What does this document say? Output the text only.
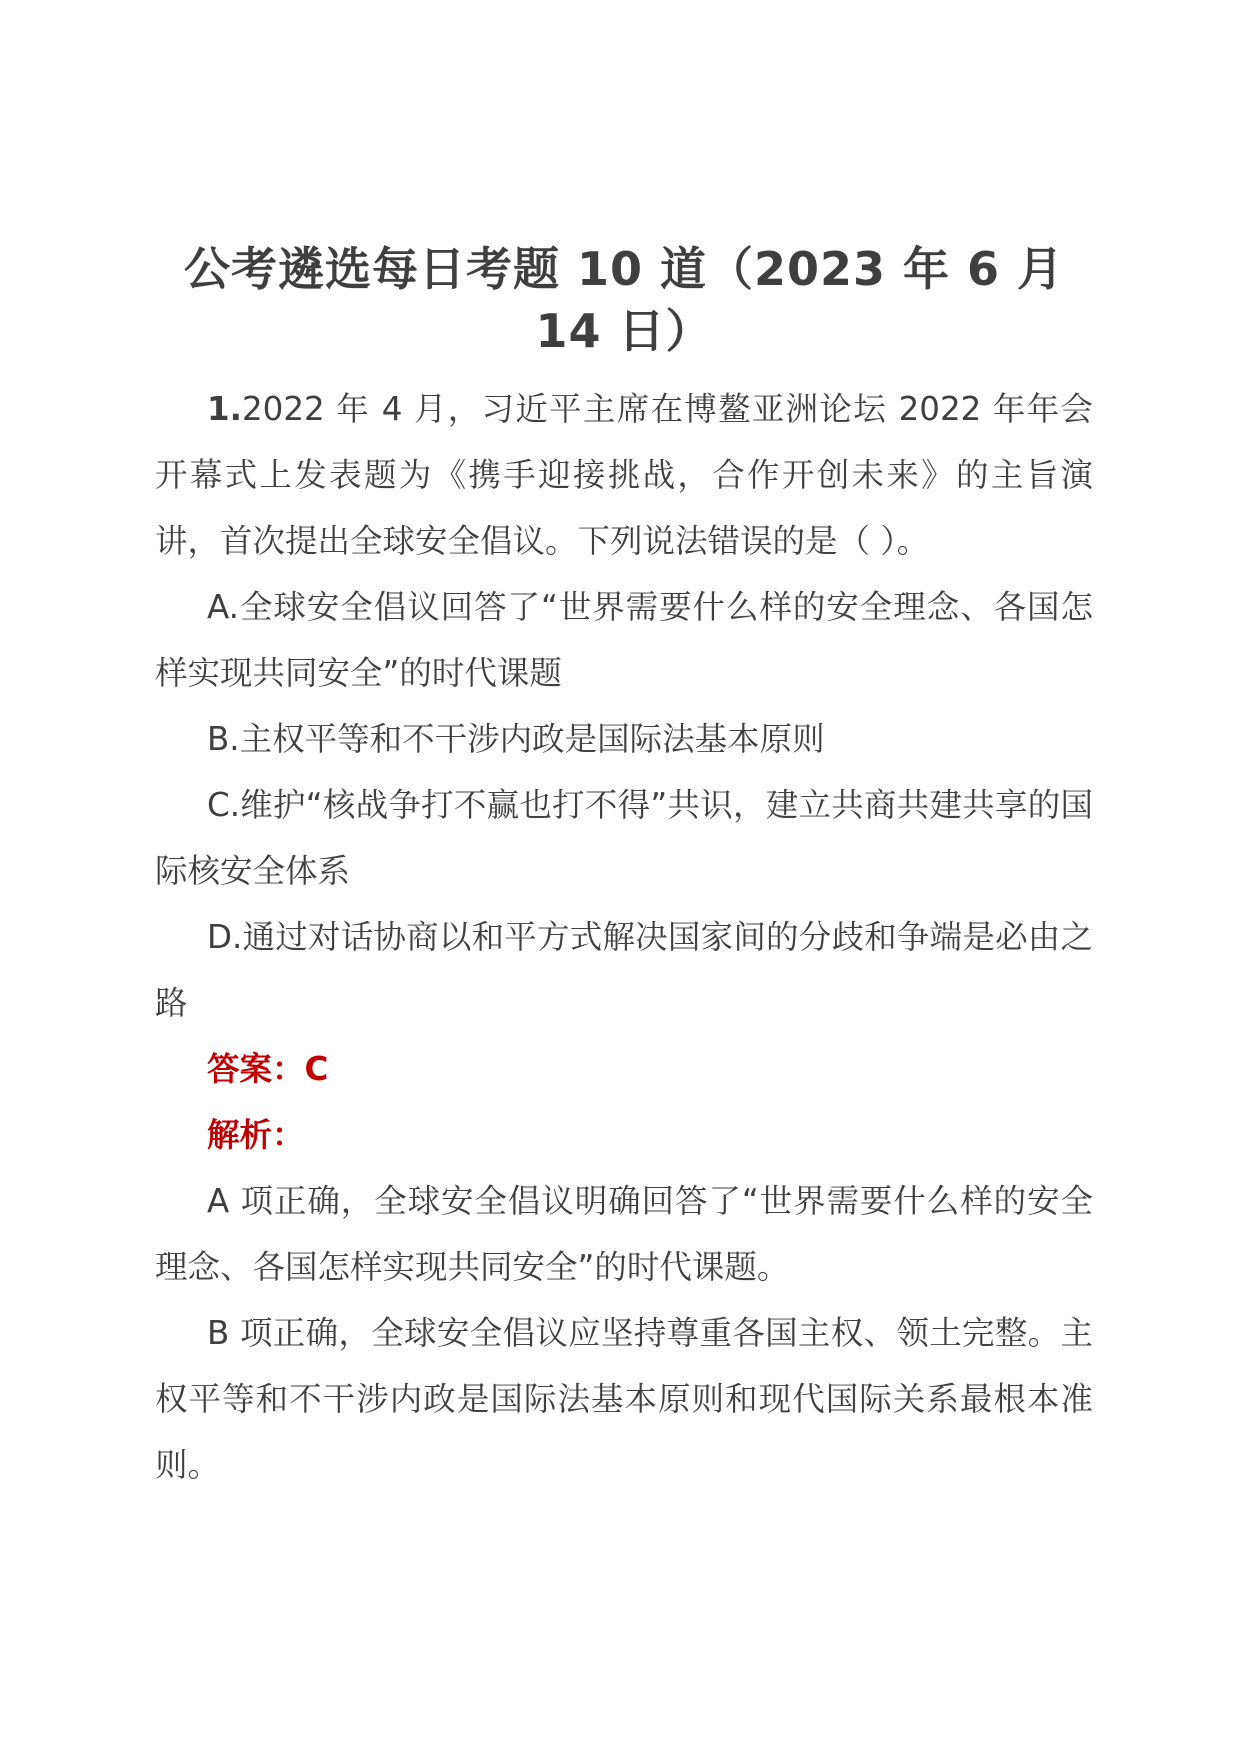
公考遴选每日考题 10 道（2023 年 6 月 14 日）

1.2022 年 4 月，习近平主席在博鳌亚洲论坛 2022 年年会开幕式上发表题为《携手迎接挑战，合作开创未来》的主旨演讲，首次提出全球安全倡议。下列说法错误的是（ ）。

A.全球安全倡议回答了“世界需要什么样的安全理念、各国怎样实现共同安全”的时代课题

B.主权平等和不干涉内政是国际法基本原则

C.维护“核战争打不赢也打不得”共识，建立共商共建共享的国际核安全体系

D.通过对话协商以和平方式解决国家间的分歧和争端是必由之路

答案：C

解析：

A 项正确，全球安全倡议明确回答了“世界需要什么样的安全理念、各国怎样实现共同安全”的时代课题。

B 项正确，全球安全倡议应坚持尊重各国主权、领土完整。主权平等和不干涉内政是国际法基本原则和现代国际关系最根本准则。
